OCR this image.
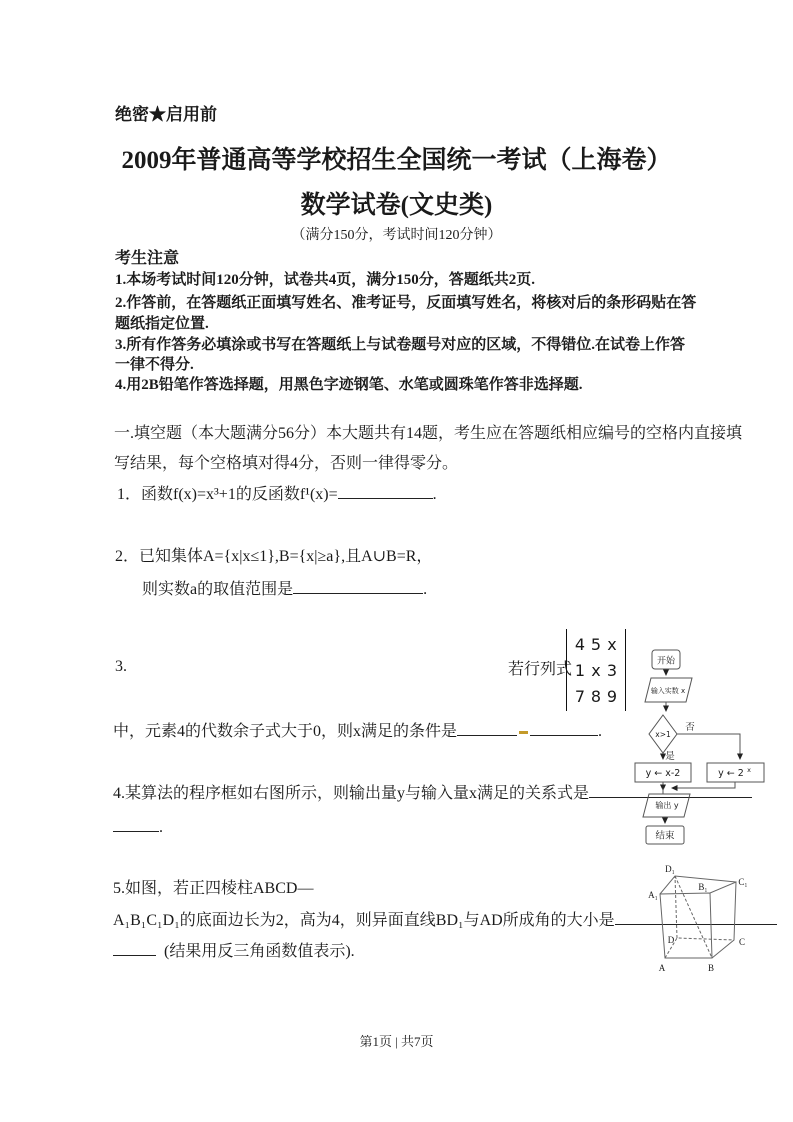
绝密★启用前
2009年普通高等学校招生全国统一考试（上海卷）
数学试卷(文史类)
（满分150分，考试时间120分钟）
考生注意
1.本场考试时间120分钟，试卷共4页，满分150分，答题纸共2页.
2.作答前，在答题纸正面填写姓名、准考证号，反面填写姓名，将核对后的条形码贴在答
题纸指定位置.
3.所有作答务必填涂或书写在答题纸上与试卷题号对应的区域，不得错位.在试卷上作答
一律不得分.
4.用2B铅笔作答选择题，用黑色字迹钢笔、水笔或圆珠笔作答非选择题.
一.填空题（本大题满分56分）本大题共有14题，考生应在答题纸相应编号的空格内直接填
写结果，每个空格填对得4分，否则一律得零分。
1．函数f(x)=x³+1的反函数f¹(x)=	.
2．已知集体A={x|x≤1},B={x|≥a},且A∪B=R，
则实数a的取值范围是	.
3.	若行列式
4 5 x
1 x 3
7 8 9
中，元素4的代数余子式大于0，则x满足的条件是	.
4.某算法的程序框如右图所示，则输出量y与输入量x满足的关系式是
.
开始
输入实数 x
x>1
否
是
y ← x-2	y ← 2 x
输出 y
结束
5.如图，若正四棱柱ABCD—
A₁B₁C₁D₁的底面边长为2，高为4，则异面直线BD₁与AD所成角的大小是
(结果用反三角函数值表示).
A	B
C
D
A₁
B₁	C₁
D₁
第1页 | 共7页
